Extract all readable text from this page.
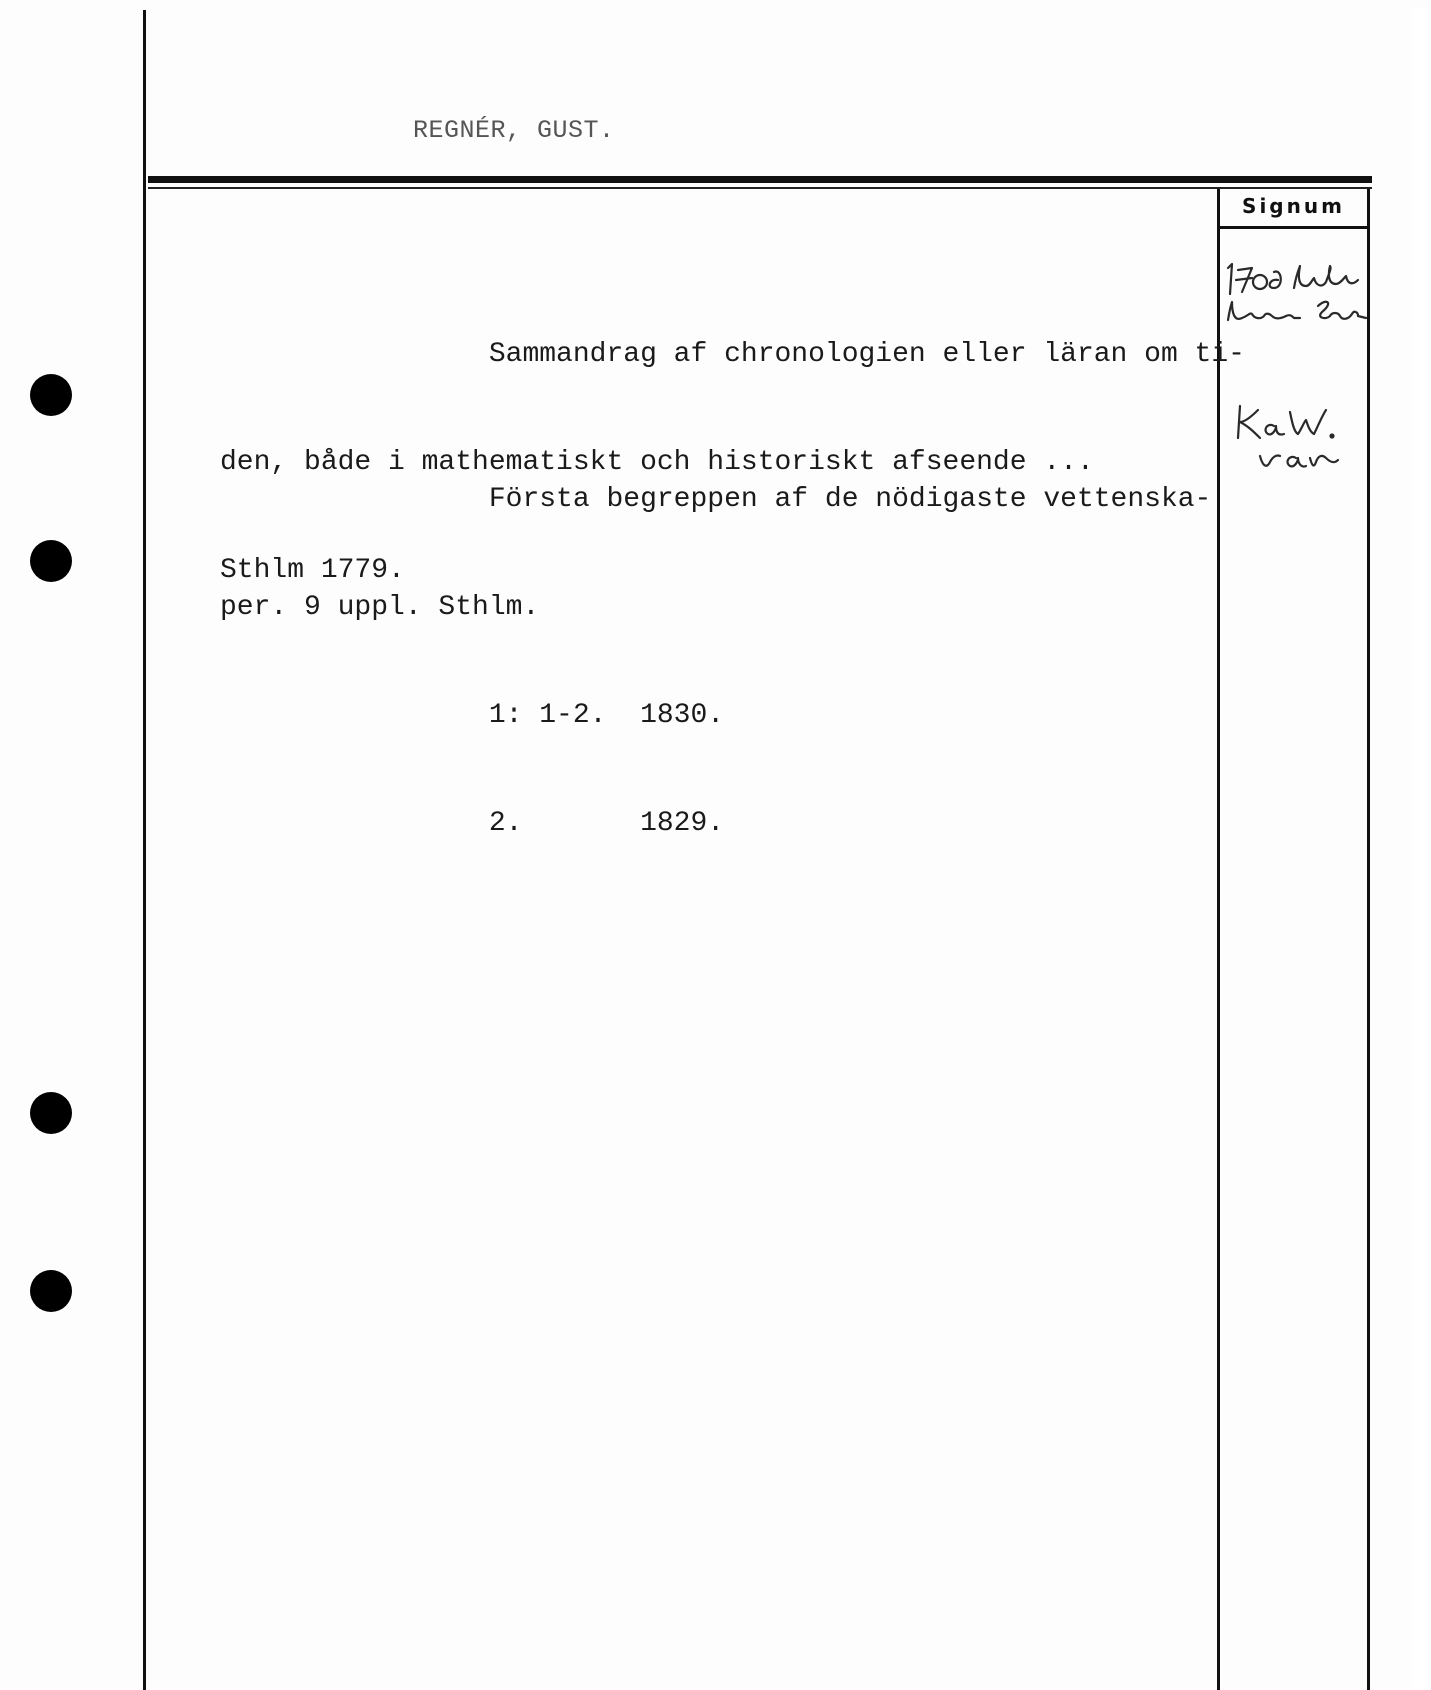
REGNÉR, GUST.
Signum

Sammandrag af chronologien eller läran om ti-

den, både i mathematiskt och historiskt afseende ...

Sthlm 1779.

Första begreppen af de nödigaste vettenska-

per. 9 uppl. Sthlm.

1: 1-2.  1830.

2.       1829.
